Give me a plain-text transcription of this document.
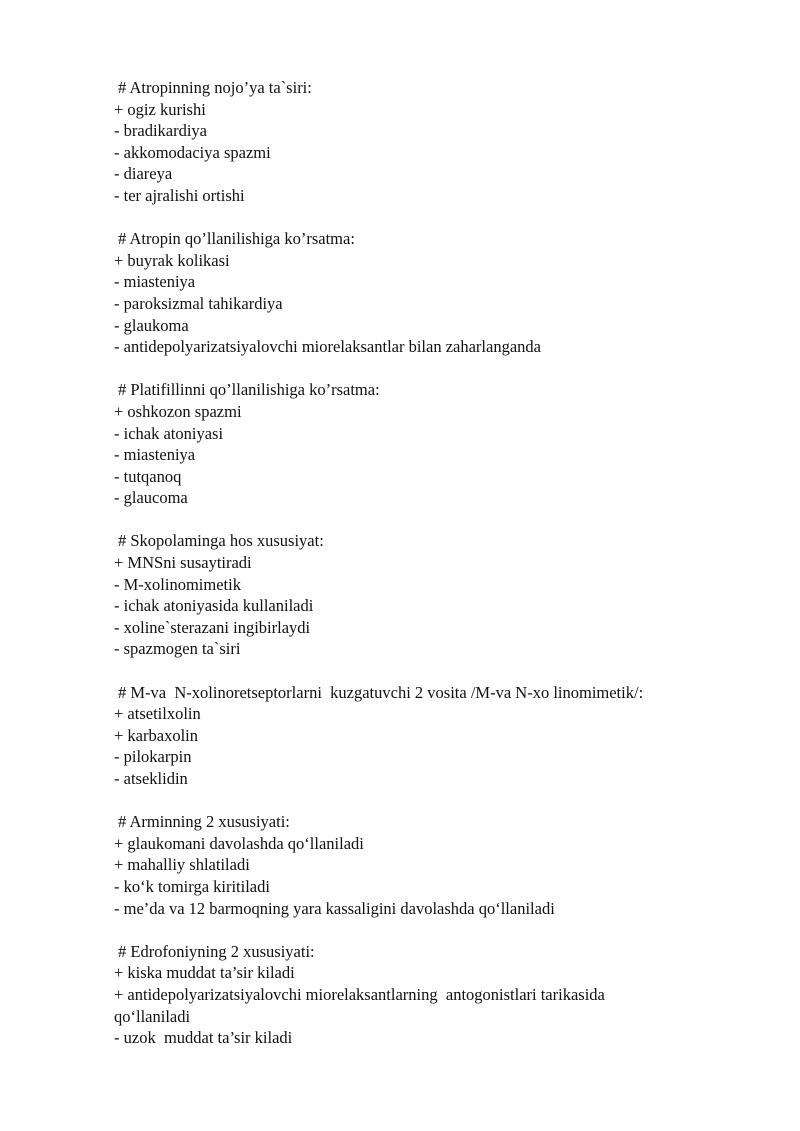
# Atropinning nojo’ya ta`siri:

+ ogiz kurishi

- bradikardiya

- akkomodaciya spazmi

- diareya

- ter ajralishi ortishi

# Atropin qo’llanilishiga ko’rsatma:

+ buyrak kolikasi

- miasteniya

- paroksizmal tahikardiya

- glaukoma

- antidepolyarizatsiyalovchi miorelaksantlar bilan zaharlanganda

# Platifillinni qo’llanilishiga ko’rsatma:

+ oshkozon spazmi

- ichak atoniyasi

- miasteniya

- tutqanoq

- glaucoma

# Skopolaminga hos xususiyat:

+ MNSni susaytiradi

- M-xolinomimetik

- ichak atoniyasida kullaniladi

- xoline`sterazani ingibirlaydi

- spazmogen ta`siri

# M-va  N-xolinoretseptorlarni  kuzgatuvchi 2 vosita /M-va N-xo linomimetik/:

+ atsetilxolin

+ karbaxolin

- pilokarpin

- atseklidin

# Arminning 2 xususiyati:

+ glaukomani davolashda qo‘llaniladi

+ mahalliy shlatiladi

- ko‘k tomirga kiritiladi

- me’da va 12 barmoqning yara kassaligini davolashda qo‘llaniladi

# Edrofoniyning 2 xususiyati:

+ kiska muddat ta’sir kiladi

+ antidepolyarizatsiyalovchi miorelaksantlarning  antogonistlari tarikasida

qo‘llaniladi

- uzok  muddat ta’sir kiladi
